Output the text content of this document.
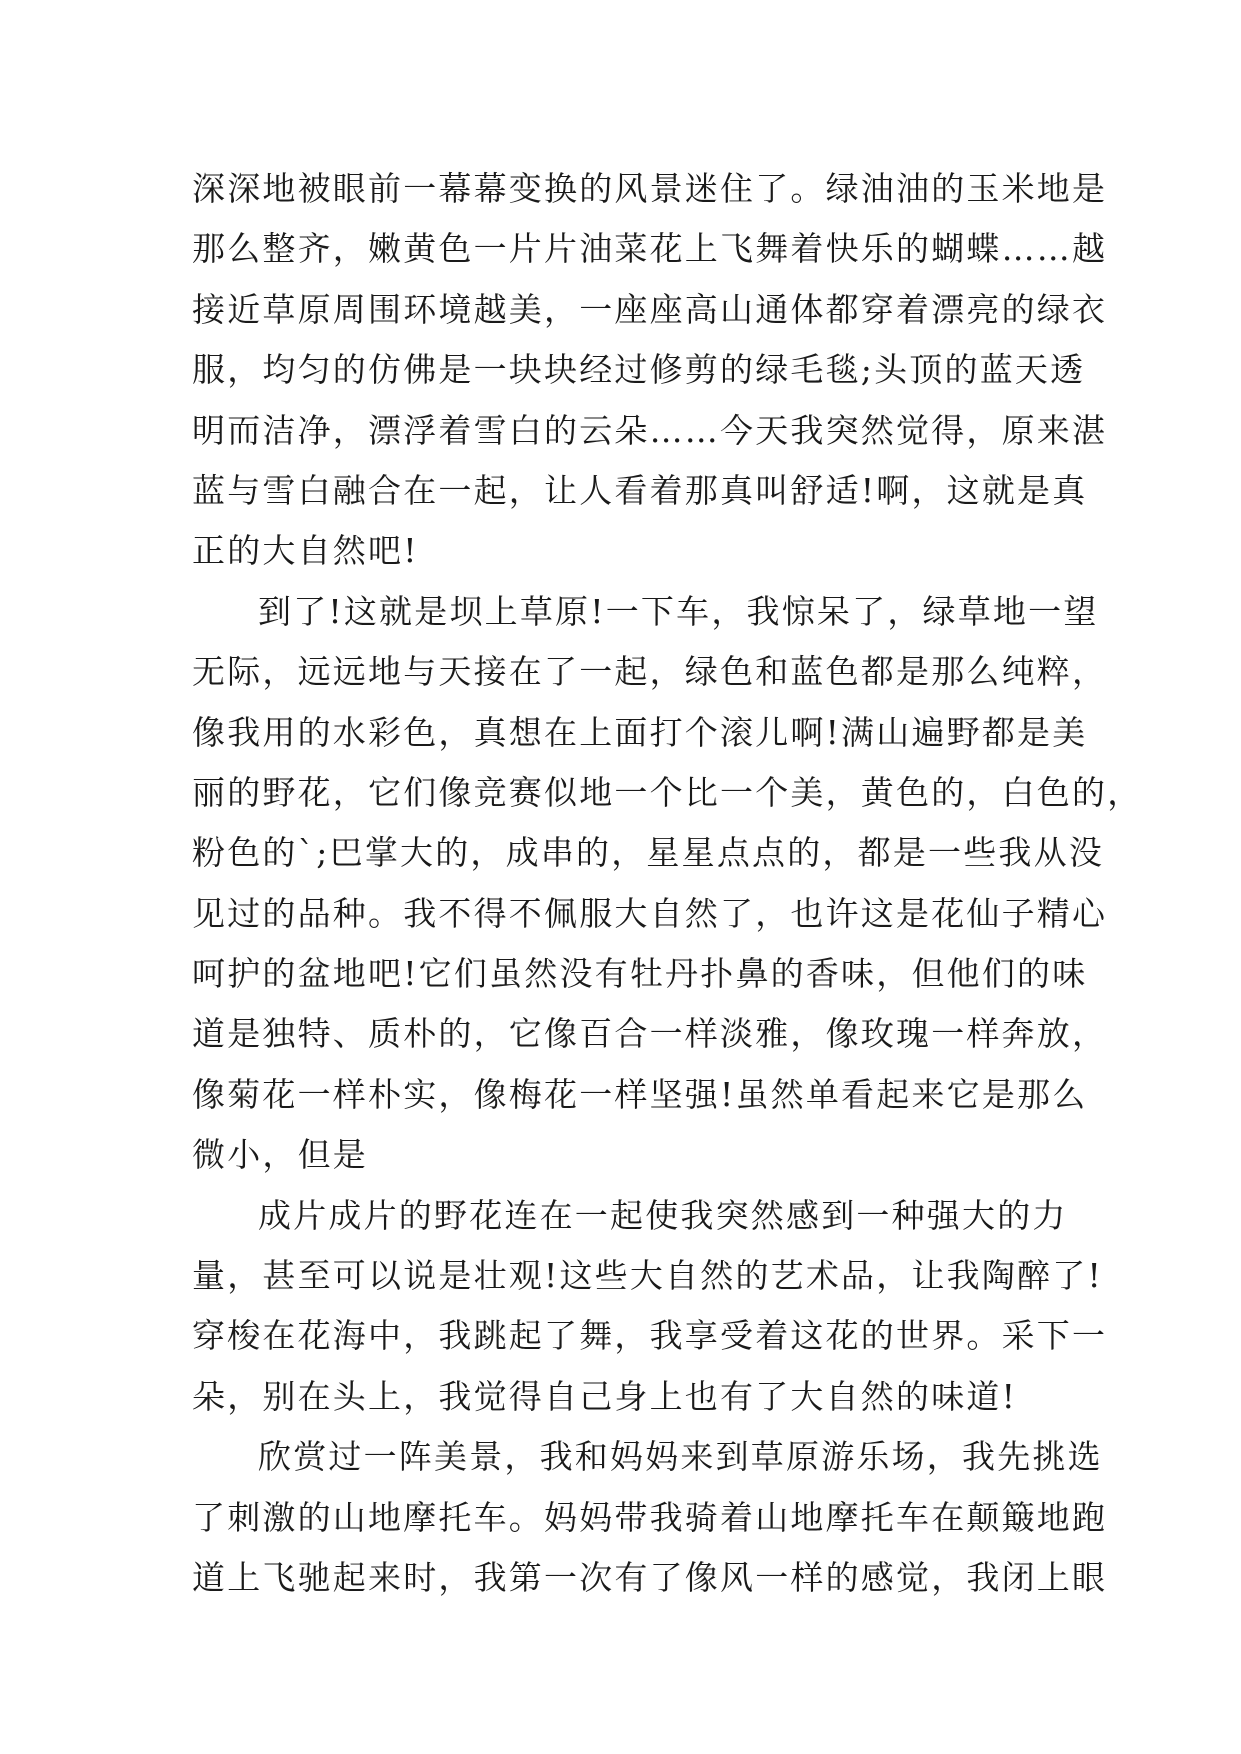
深深地被眼前一幕幕变换的风景迷住了。绿油油的玉米地是
那么整齐，嫩黄色一片片油菜花上飞舞着快乐的蝴蝶……越
接近草原周围环境越美，一座座高山通体都穿着漂亮的绿衣
服，均匀的仿佛是一块块经过修剪的绿毛毯;头顶的蓝天透
明而洁净，漂浮着雪白的云朵……今天我突然觉得，原来湛
蓝与雪白融合在一起，让人看着那真叫舒适!啊，这就是真
正的大自然吧!
到了!这就是坝上草原!一下车，我惊呆了，绿草地一望
无际，远远地与天接在了一起，绿色和蓝色都是那么纯粹，
像我用的水彩色，真想在上面打个滚儿啊!满山遍野都是美
丽的野花，它们像竞赛似地一个比一个美，黄色的，白色的，
粉色的`;巴掌大的，成串的，星星点点的，都是一些我从没
见过的品种。我不得不佩服大自然了，也许这是花仙子精心
呵护的盆地吧!它们虽然没有牡丹扑鼻的香味，但他们的味
道是独特、质朴的，它像百合一样淡雅，像玫瑰一样奔放，
像菊花一样朴实，像梅花一样坚强!虽然单看起来它是那么
微小，但是
成片成片的野花连在一起使我突然感到一种强大的力
量，甚至可以说是壮观!这些大自然的艺术品，让我陶醉了!
穿梭在花海中，我跳起了舞，我享受着这花的世界。采下一
朵，别在头上，我觉得自己身上也有了大自然的味道!
欣赏过一阵美景，我和妈妈来到草原游乐场，我先挑选
了刺激的山地摩托车。妈妈带我骑着山地摩托车在颠簸地跑
道上飞驰起来时，我第一次有了像风一样的感觉，我闭上眼
